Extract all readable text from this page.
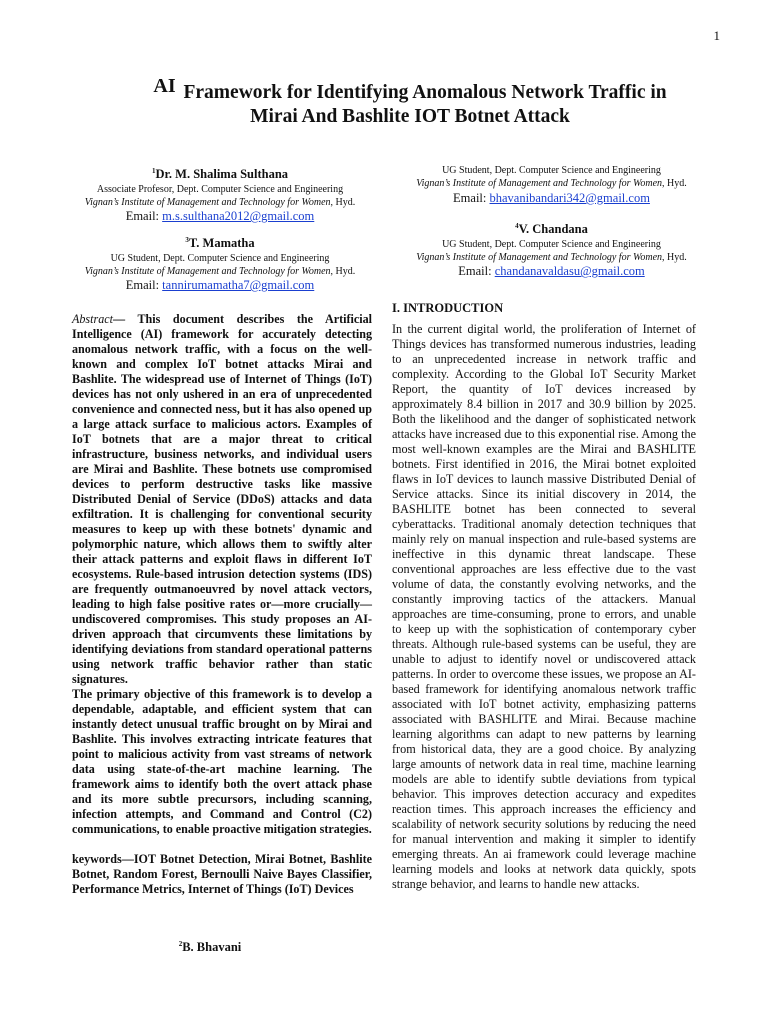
1
AI Framework for Identifying Anomalous Network Traffic in
Mirai And Bashlite IOT Botnet Attack
$^1$Dr. M. Shalima Sulthana
Associate Profesor, Dept. Computer Science and Engineering
Vignan’s Institute of Management and Technology for Women, Hyd.
Email: m.s.sulthana2012@gmail.com
$^3$T. Mamatha
UG Student, Dept. Computer Science and Engineering
Vignan’s Institute of Management and Technology for Women, Hyd.
Email: tannirumamatha7@gmail.com
UG Student, Dept. Computer Science and Engineering
Vignan’s Institute of Management and Technology for Women, Hyd.
Email: bhavanibandari342@gmail.com
$^4$V. Chandana
UG Student, Dept. Computer Science and Engineering
Vignan’s Institute of Management and Technology for Women, Hyd.
Email: chandanavaldasu@gmail.com

Abstract— This document describes the Artificial Intelligence (AI) framework for accurately detecting anomalous network traffic, with a focus on the well-known and complex IoT botnet attacks Mirai and Bashlite. The widespread use of Internet of Things (IoT) devices has not only ushered in an era of unprecedented convenience and connected ness, but it has also opened up a large attack surface to malicious actors. Examples of IoT botnets that are a major threat to critical infrastructure, business networks, and individual users are Mirai and Bashlite. These botnets use compromised devices to perform destructive tasks like massive Distributed Denial of Service (DDoS) attacks and data exfiltration. It is challenging for conventional security measures to keep up with these botnets' dynamic and polymorphic nature, which allows them to swiftly alter their attack patterns and exploit flaws in different IoT ecosystems. Rule-based intrusion detection systems (IDS) are frequently outmanoeuvred by novel attack vectors, leading to high false positive rates or—more crucially—undiscovered compromises. This study proposes an AI-driven approach that circumvents these limitations by identifying deviations from standard operational patterns using network traffic behavior rather than static signatures.

The primary objective of this framework is to develop a dependable, adaptable, and efficient system that can instantly detect unusual traffic brought on by Mirai and Bashlite. This involves extracting intricate features that point to malicious activity from vast streams of network data using state-of-the-art machine learning. The framework aims to identify both the overt attack phase and its more subtle precursors, including scanning, infection attempts, and Command and Control (C2) communications, to enable proactive mitigation strategies.

keywords—IOT Botnet Detection, Mirai Botnet, Bashlite Botnet, Random Forest, Bernoulli Naive Bayes Classifier, Performance Metrics, Internet of Things (IoT) Devices

$^2$B. Bhavani
I. INTRODUCTION
In the current digital world, the proliferation of Internet of Things devices has transformed numerous industries, leading to an unprecedented increase in network traffic and complexity. According to the Global IoT Security Market Report, the quantity of IoT devices increased by approximately 8.4 billion in 2017 and 30.9 billion by 2025. Both the likelihood and the danger of sophisticated network attacks have increased due to this exponential rise. Among the most well-known examples are the Mirai and BASHLITE botnets. First identified in 2016, the Mirai botnet exploited flaws in IoT devices to launch massive Distributed Denial of Service attacks. Since its initial discovery in 2014, the BASHLITE botnet has been connected to several cyberattacks. Traditional anomaly detection techniques that mainly rely on manual inspection and rule-based systems are ineffective in this dynamic threat landscape. These conventional approaches are less effective due to the vast volume of data, the constantly evolving networks, and the constantly improving tactics of the attackers. Manual approaches are time-consuming, prone to errors, and unable to keep up with the sophistication of contemporary cyber threats. Although rule-based systems can be useful, they are unable to adjust to identify novel or undiscovered attack patterns. In order to overcome these issues, we propose an AI-based framework for identifying anomalous network traffic associated with IoT botnet activity, emphasizing patterns associated with BASHLITE and Mirai. Because machine learning algorithms can adapt to new patterns by learning from historical data, they are a good choice. By analyzing large amounts of network data in real time, machine learning models are able to identify subtle deviations from typical behavior. This improves detection accuracy and expedites reaction times. This approach increases the efficiency and scalability of network security solutions by reducing the need for manual intervention and making it simpler to identify emerging threats. An ai framework could leverage machine learning models and looks at network data quickly, spots strange behavior, and learns to handle new attacks.
